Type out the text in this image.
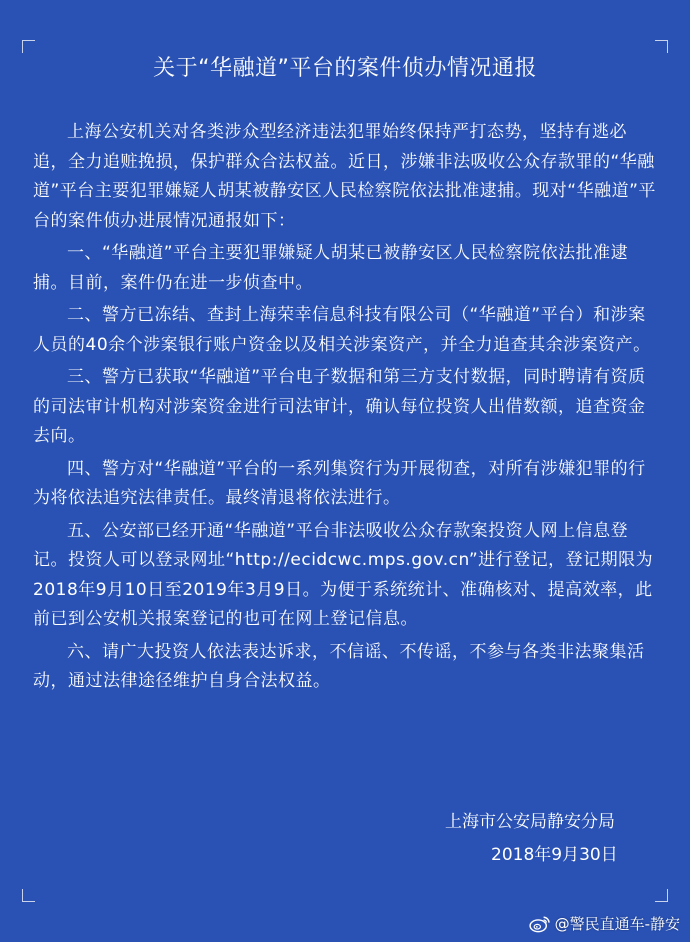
关于“华融道”平台的案件侦办情况通报

上海公安机关对各类涉众型经济违法犯罪始终保持严打态势，坚持有逃必追，全力追赃挽损，保护群众合法权益。近日，涉嫌非法吸收公众存款罪的“华融道”平台主要犯罪嫌疑人胡某被静安区人民检察院依法批准逮捕。现对“华融道”平台的案件侦办进展情况通报如下：

一、“华融道”平台主要犯罪嫌疑人胡某已被静安区人民检察院依法批准逮捕。目前，案件仍在进一步侦查中。

二、警方已冻结、查封上海荣幸信息科技有限公司（“华融道”平台）和涉案人员的40余个涉案银行账户资金以及相关涉案资产，并全力追查其余涉案资产。

三、警方已获取“华融道”平台电子数据和第三方支付数据，同时聘请有资质的司法审计机构对涉案资金进行司法审计，确认每位投资人出借数额，追查资金去向。

四、警方对“华融道”平台的一系列集资行为开展彻查，对所有涉嫌犯罪的行为将依法追究法律责任。最终清退将依法进行。

五、公安部已经开通“华融道”平台非法吸收公众存款案投资人网上信息登记。投资人可以登录网址“http://ecidcwc.mps.gov.cn”进行登记，登记期限为2018年9月10日至2019年3月9日。为便于系统统计、准确核对、提高效率，此前已到公安机关报案登记的也可在网上登记信息。

六、请广大投资人依法表达诉求，不信谣、不传谣，不参与各类非法聚集活动，通过法律途径维护自身合法权益。

上海市公安局静安分局
2018年9月30日
@警民直通车-静安
